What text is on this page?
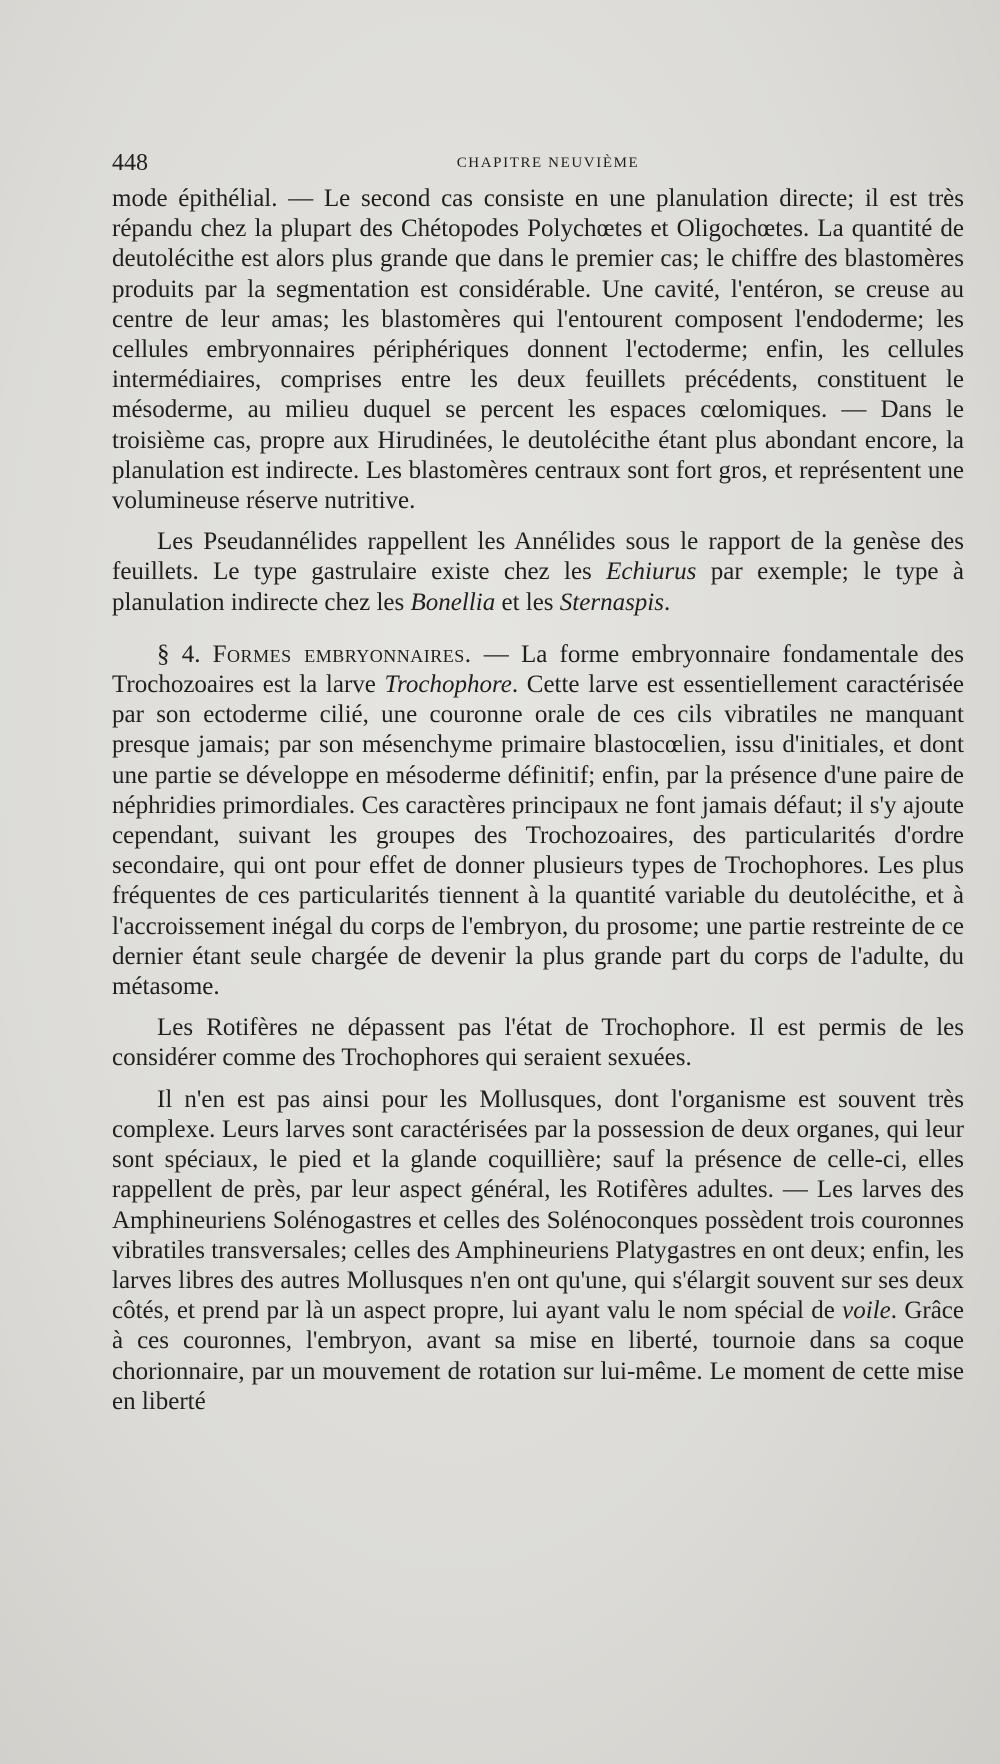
448	CHAPITRE NEUVIÈME

mode épithélial. — Le second cas consiste en une planulation directe; il est très répandu chez la plupart des Chétopodes Polychœtes et Oligochœtes. La quantité de deutolécithe est alors plus grande que dans le premier cas; le chiffre des blastomères produits par la segmentation est considérable. Une cavité, l'entéron, se creuse au centre de leur amas; les blastomères qui l'entourent composent l'endoderme; les cellules embryonnaires périphériques donnent l'ectoderme; enfin, les cellules intermédiaires, comprises entre les deux feuillets précédents, constituent le mésoderme, au milieu duquel se percent les espaces cœlomiques. — Dans le troisième cas, propre aux Hirudinées, le deutolécithe étant plus abondant encore, la planulation est indirecte. Les blastomères centraux sont fort gros, et représentent une volumineuse réserve nutritive.

Les Pseudannélides rappellent les Annélides sous le rapport de la genèse des feuillets. Le type gastrulaire existe chez les Echiurus par exemple; le type à planulation indirecte chez les Bonellia et les Sternaspis.

§ 4. Formes embryonnaires. — La forme embryonnaire fondamentale des Trochozoaires est la larve Trochophore. Cette larve est essentiellement caractérisée par son ectoderme cilié, une couronne orale de ces cils vibratiles ne manquant presque jamais; par son mésenchyme primaire blastocœlien, issu d'initiales, et dont une partie se développe en mésoderme définitif; enfin, par la présence d'une paire de néphridies primordiales. Ces caractères principaux ne font jamais défaut; il s'y ajoute cependant, suivant les groupes des Trochozoaires, des particularités d'ordre secondaire, qui ont pour effet de donner plusieurs types de Trochophores. Les plus fréquentes de ces particularités tiennent à la quantité variable du deutolécithe, et à l'accroissement inégal du corps de l'embryon, du prosome; une partie restreinte de ce dernier étant seule chargée de devenir la plus grande part du corps de l'adulte, du métasome.

Les Rotifères ne dépassent pas l'état de Trochophore. Il est permis de les considérer comme des Trochophores qui seraient sexuées.

Il n'en est pas ainsi pour les Mollusques, dont l'organisme est souvent très complexe. Leurs larves sont caractérisées par la possession de deux organes, qui leur sont spéciaux, le pied et la glande coquillière; sauf la présence de celle-ci, elles rappellent de près, par leur aspect général, les Rotifères adultes. — Les larves des Amphineuriens Solénogastres et celles des Solénoconques possèdent trois couronnes vibratiles transversales; celles des Amphineuriens Platygastres en ont deux; enfin, les larves libres des autres Mollusques n'en ont qu'une, qui s'élargit souvent sur ses deux côtés, et prend par là un aspect propre, lui ayant valu le nom spécial de voile. Grâce à ces couronnes, l'embryon, avant sa mise en liberté, tournoie dans sa coque chorionnaire, par un mouvement de rotation sur lui-même. Le moment de cette mise en liberté
